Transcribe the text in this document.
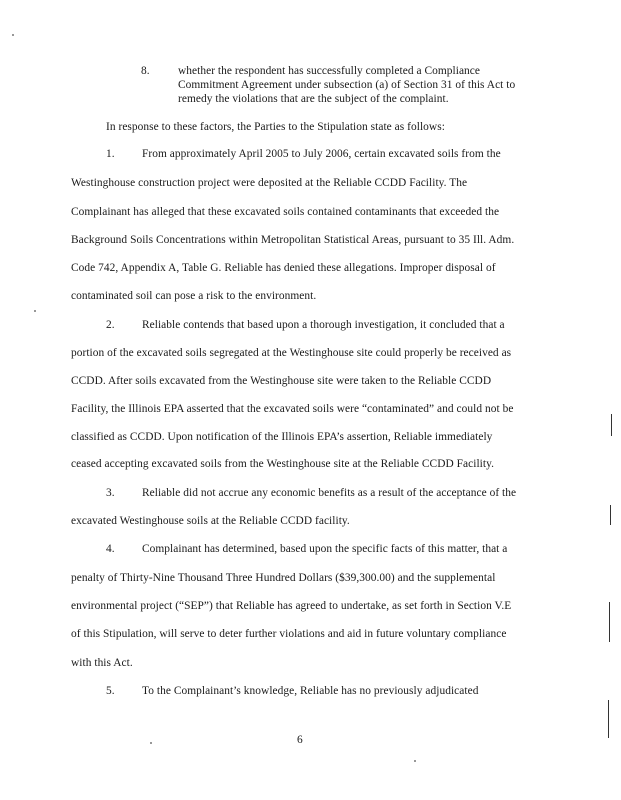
8. whether the respondent has successfully completed a Compliance

Commitment Agreement under subsection (a) of Section 31 of this Act to

remedy the violations that are the subject of the complaint.

In response to these factors, the Parties to the Stipulation state as follows:

1. From approximately April 2005 to July 2006, certain excavated soils from the

Westinghouse construction project were deposited at the Reliable CCDD Facility. The

Complainant has alleged that these excavated soils contained contaminants that exceeded the

Background Soils Concentrations within Metropolitan Statistical Areas, pursuant to 35 Ill. Adm.

Code 742, Appendix A, Table G. Reliable has denied these allegations. Improper disposal of

contaminated soil can pose a risk to the environment.

2. Reliable contends that based upon a thorough investigation, it concluded that a

portion of the excavated soils segregated at the Westinghouse site could properly be received as

CCDD. After soils excavated from the Westinghouse site were taken to the Reliable CCDD

Facility, the Illinois EPA asserted that the excavated soils were “contaminated” and could not be

classified as CCDD. Upon notification of the Illinois EPA’s assertion, Reliable immediately

ceased accepting excavated soils from the Westinghouse site at the Reliable CCDD Facility.

3. Reliable did not accrue any economic benefits as a result of the acceptance of the

excavated Westinghouse soils at the Reliable CCDD facility.

4. Complainant has determined, based upon the specific facts of this matter, that a

penalty of Thirty-Nine Thousand Three Hundred Dollars ($39,300.00) and the supplemental

environmental project (“SEP”) that Reliable has agreed to undertake, as set forth in Section V.E

of this Stipulation, will serve to deter further violations and aid in future voluntary compliance

with this Act.

5. To the Complainant’s knowledge, Reliable has no previously adjudicated

6
